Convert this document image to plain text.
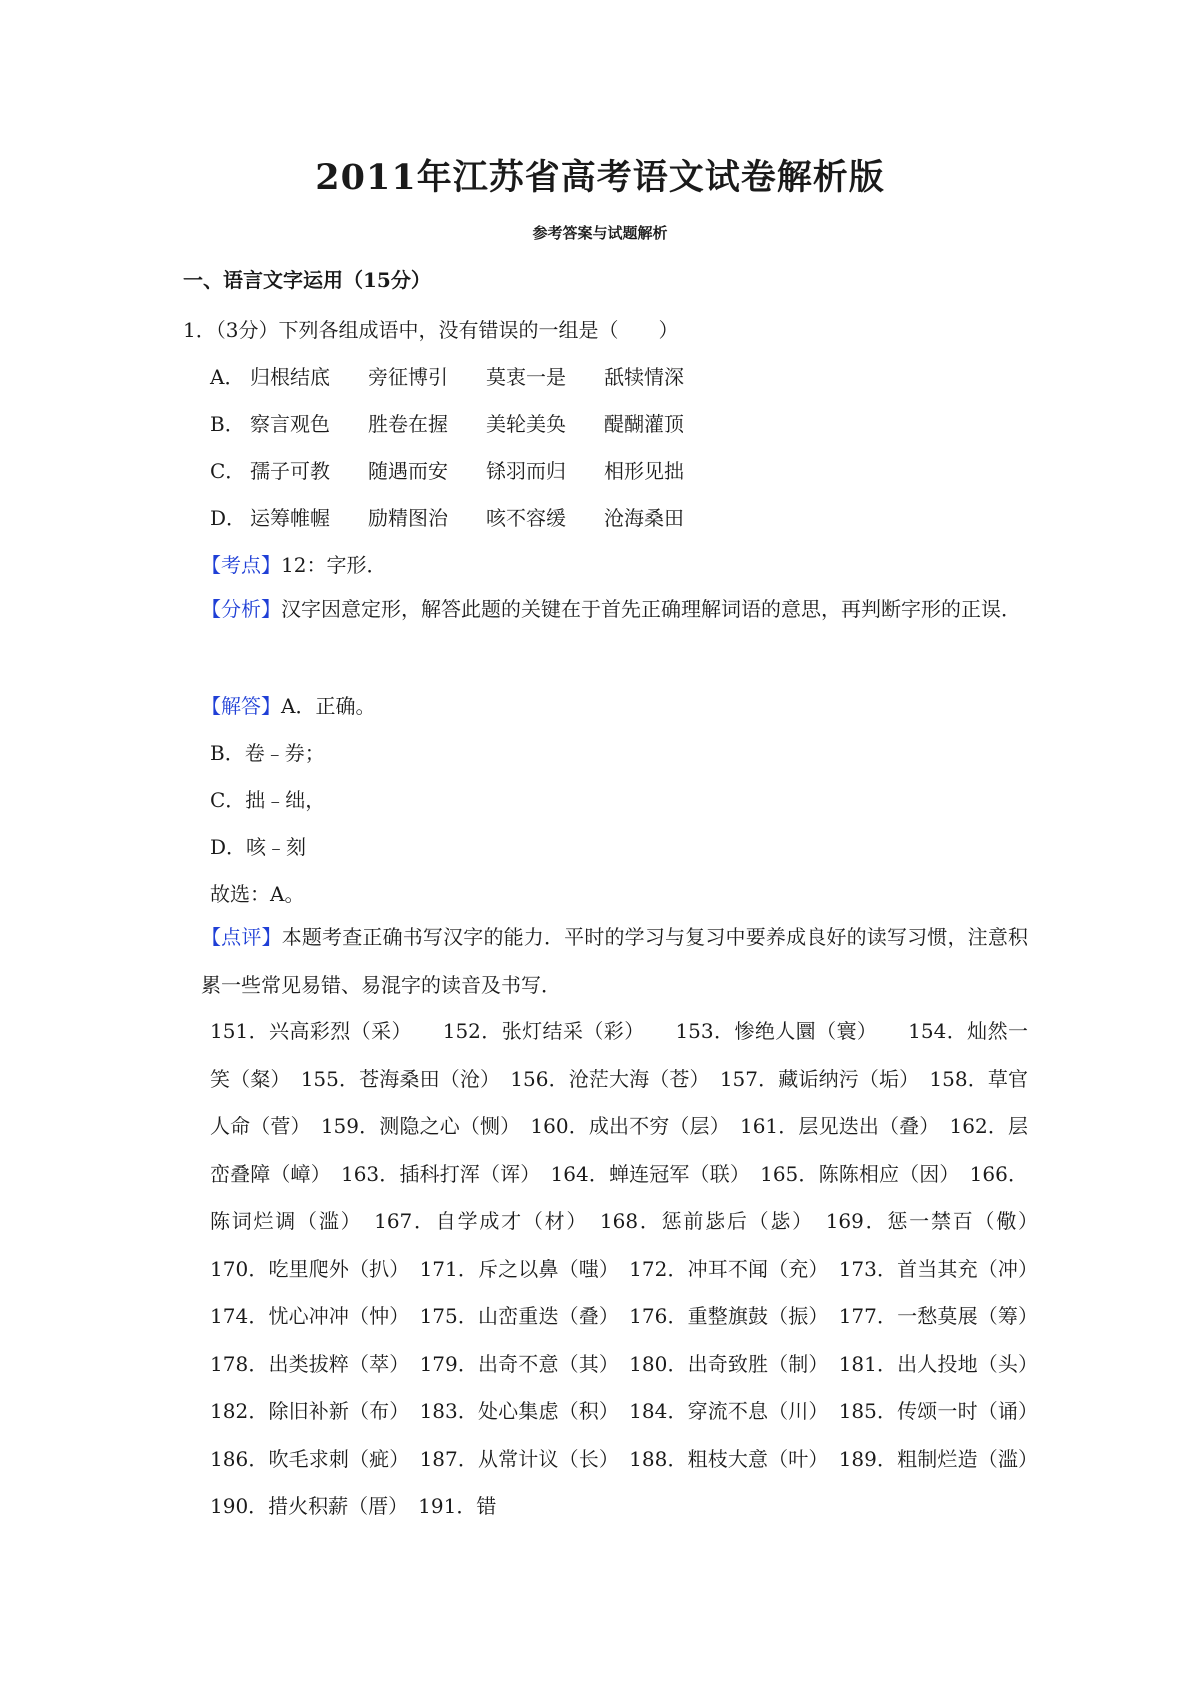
2011年江苏省高考语文试卷解析版
参考答案与试题解析
一、语言文字运用（15分）
1．（3分）下列各组成语中，没有错误的一组是（　　）
A． 归根结底 旁征博引 莫衷一是 舐犊情深
B． 察言观色 胜卷在握 美轮美奂 醍醐灌顶
C． 孺子可教 随遇而安 铩羽而归 相形见拙
D． 运筹帷幄 励精图治 咳不容缓 沧海桑田
【考点】12：字形．
【分析】汉字因意定形，解答此题的关键在于首先正确理解词语的意思，再判断字形的正误．
【解答】A．正确。
B．卷﹣券；
C．拙﹣绌，
D．咳﹣刻
故选：A。
【点评】本题考查正确书写汉字的能力．平时的学习与复习中要养成良好的读写习惯，注意积累一些常见易错、易混字的读音及书写．
151．兴高彩烈（采）　　152．张灯结采（彩）　　153．惨绝人圜（寰）　　154．灿然一笑（粲）　155．苍海桑田（沧）　156．沧茫大海（苍）　157．藏诟纳污（垢）　158．草官人命（菅）　159．测隐之心（恻）　160．成出不穷（层）　161．层见迭出（叠）　162．层峦叠障（嶂）　163．插科打浑（诨）　164．蝉连冠军（联）　165．陈陈相应（因）　166．陈词烂调（滥）　167．自学成才（材）　168．惩前毖后（毖）　169．惩一禁百（儆）　170．吃里爬外（扒）　171．斥之以鼻（嗤）　172．冲耳不闻（充）　173．首当其充（冲）　174．忧心冲冲（忡）　175．山峦重迭（叠）　176．重整旗鼓（振）　177．一愁莫展（筹）　178．出类拔粹（萃）　179．出奇不意（其）　180．出奇致胜（制）　181．出人投地（头）　182．除旧补新（布）　183．处心集虑（积）　184．穿流不息（川）　185．传颂一时（诵）　186．吹毛求刺（疵）　187．从常计议（长）　188．粗枝大意（叶）　189．粗制烂造（滥）　190．措火积薪（厝）　191．错
